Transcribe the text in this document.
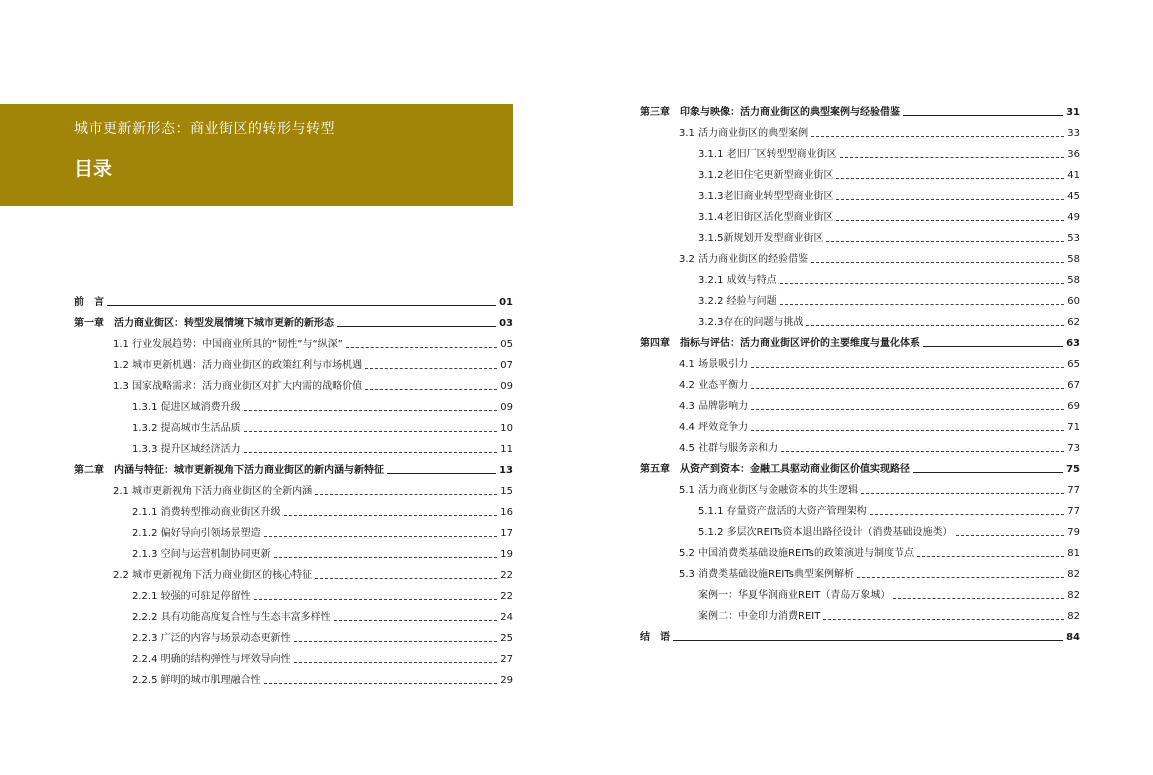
城市更新新形态：商业街区的转形与转型
目录
前　言	01
第一章　活力商业街区：转型发展情境下城市更新的新形态	03
1.1 行业发展趋势：中国商业所具的“韧性”与“纵深”	05
1.2 城市更新机遇：活力商业街区的政策红利与市场机遇	07
1.3 国家战略需求：活力商业街区对扩大内需的战略价值	09
1.3.1 促进区域消费升级	09
1.3.2 提高城市生活品质	10
1.3.3 提升区域经济活力	11
第二章　内涵与特征：城市更新视角下活力商业街区的新内涵与新特征	13
2.1 城市更新视角下活力商业街区的全新内涵	15
2.1.1 消费转型推动商业街区升级	16
2.1.2 偏好导向引领场景塑造	17
2.1.3 空间与运营机制协同更新	19
2.2 城市更新视角下活力商业街区的核心特征	22
2.2.1 较强的可驻足停留性	22
2.2.2 具有功能高度复合性与生态丰富多样性	24
2.2.3 广泛的内容与场景动态更新性	25
2.2.4 明确的结构弹性与坪效导向性	27
2.2.5 鲜明的城市肌理融合性	29
第三章　印象与映像：活力商业街区的典型案例与经验借鉴	31
3.1 活力商业街区的典型案例	33
3.1.1 老旧厂区转型型商业街区	36
3.1.2老旧住宅更新型商业街区	41
3.1.3老旧商业转型型商业街区	45
3.1.4老旧街区活化型商业街区	49
3.1.5新规划开发型商业街区	53
3.2 活力商业街区的经验借鉴	58
3.2.1 成效与特点	58
3.2.2 经验与问题	60
3.2.3存在的问题与挑战	62
第四章　指标与评估：活力商业街区评价的主要维度与量化体系	63
4.1 场景吸引力	65
4.2 业态平衡力	67
4.3 品牌影响力	69
4.4 坪效竞争力	71
4.5 社群与服务亲和力	73
第五章　从资产到资本：金融工具驱动商业街区价值实现路径	75
5.1 活力商业街区与金融资本的共生逻辑	77
5.1.1 存量资产盘活的大资产管理架构	77
5.1.2 多层次REITs资本退出路径设计（消费基础设施类）	79
5.2 中国消费类基础设施REITs的政策演进与制度节点	81
5.3 消费类基础设施REITs典型案例解析	82
案例一：华夏华润商业REIT（青岛万象城）	82
案例二：中金印力消费REIT	82
结　语	84
